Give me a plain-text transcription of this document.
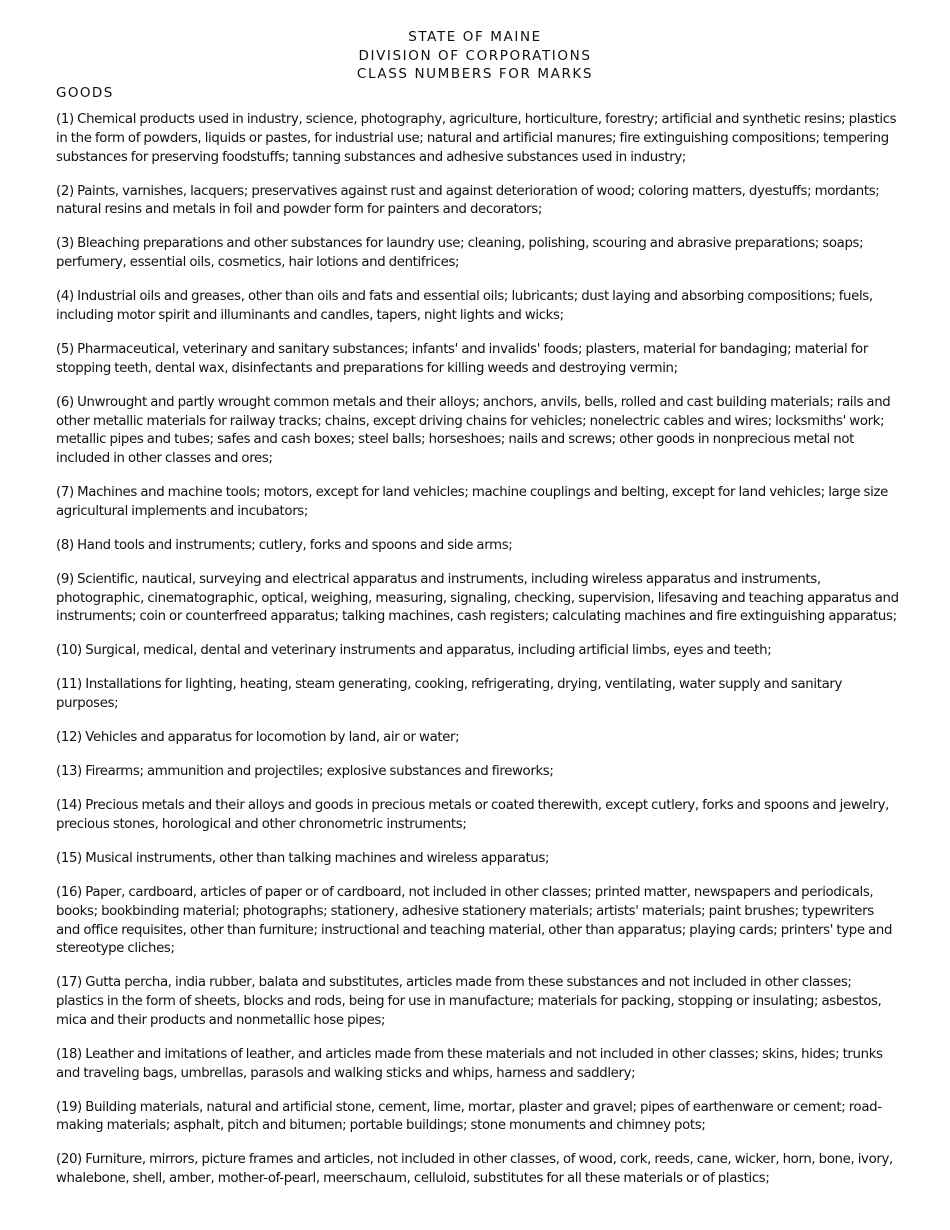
STATE OF MAINE
DIVISION OF CORPORATIONS
CLASS NUMBERS FOR MARKS
GOODS

(1) Chemical products used in industry, science, photography, agriculture, horticulture, forestry; artificial and synthetic resins; plastics in the form of powders, liquids or pastes, for industrial use; natural and artificial manures; fire extinguishing compositions; tempering substances for preserving foodstuffs; tanning substances and adhesive substances used in industry;

(2) Paints, varnishes, lacquers; preservatives against rust and against deterioration of wood; coloring matters, dyestuffs; mordants; natural resins and metals in foil and powder form for painters and decorators;

(3) Bleaching preparations and other substances for laundry use; cleaning, polishing, scouring and abrasive preparations; soaps; perfumery, essential oils, cosmetics, hair lotions and dentifrices;

(4) Industrial oils and greases, other than oils and fats and essential oils; lubricants; dust laying and absorbing compositions; fuels, including motor spirit and illuminants and candles, tapers, night lights and wicks;

(5) Pharmaceutical, veterinary and sanitary substances; infants' and invalids' foods; plasters, material for bandaging; material for stopping teeth, dental wax, disinfectants and preparations for killing weeds and destroying vermin;

(6) Unwrought and partly wrought common metals and their alloys; anchors, anvils, bells, rolled and cast building materials; rails and other metallic materials for railway tracks; chains, except driving chains for vehicles; nonelectric cables and wires; locksmiths' work; metallic pipes and tubes; safes and cash boxes; steel balls; horseshoes; nails and screws; other goods in nonprecious metal not included in other classes and ores;

(7) Machines and machine tools; motors, except for land vehicles; machine couplings and belting, except for land vehicles; large size agricultural implements and incubators;

(8) Hand tools and instruments; cutlery, forks and spoons and side arms;

(9) Scientific, nautical, surveying and electrical apparatus and instruments, including wireless apparatus and instruments, photographic, cinematographic, optical, weighing, measuring, signaling, checking, supervision, lifesaving and teaching apparatus and instruments; coin or counterfreed apparatus; talking machines, cash registers; calculating machines and fire extinguishing apparatus;

(10) Surgical, medical, dental and veterinary instruments and apparatus, including artificial limbs, eyes and teeth;

(11) Installations for lighting, heating, steam generating, cooking, refrigerating, drying, ventilating, water supply and sanitary purposes;

(12) Vehicles and apparatus for locomotion by land, air or water;

(13) Firearms; ammunition and projectiles; explosive substances and fireworks;

(14) Precious metals and their alloys and goods in precious metals or coated therewith, except cutlery, forks and spoons and jewelry, precious stones, horological and other chronometric instruments;

(15) Musical instruments, other than talking machines and wireless apparatus;

(16) Paper, cardboard, articles of paper or of cardboard, not included in other classes; printed matter, newspapers and periodicals, books; bookbinding material; photographs; stationery, adhesive stationery materials; artists' materials; paint brushes; typewriters and office requisites, other than furniture; instructional and teaching material, other than apparatus; playing cards; printers' type and stereotype cliches;

(17) Gutta percha, india rubber, balata and substitutes, articles made from these substances and not included in other classes; plastics in the form of sheets, blocks and rods, being for use in manufacture; materials for packing, stopping or insulating; asbestos, mica and their products and nonmetallic hose pipes;

(18) Leather and imitations of leather, and articles made from these materials and not included in other classes; skins, hides; trunks and traveling bags, umbrellas, parasols and walking sticks and whips, harness and saddlery;

(19) Building materials, natural and artificial stone, cement, lime, mortar, plaster and gravel; pipes of earthenware or cement; road-making materials; asphalt, pitch and bitumen; portable buildings; stone monuments and chimney pots;

(20) Furniture, mirrors, picture frames and articles, not included in other classes, of wood, cork, reeds, cane, wicker, horn, bone, ivory, whalebone, shell, amber, mother-of-pearl, meerschaum, celluloid, substitutes for all these materials or of plastics;
